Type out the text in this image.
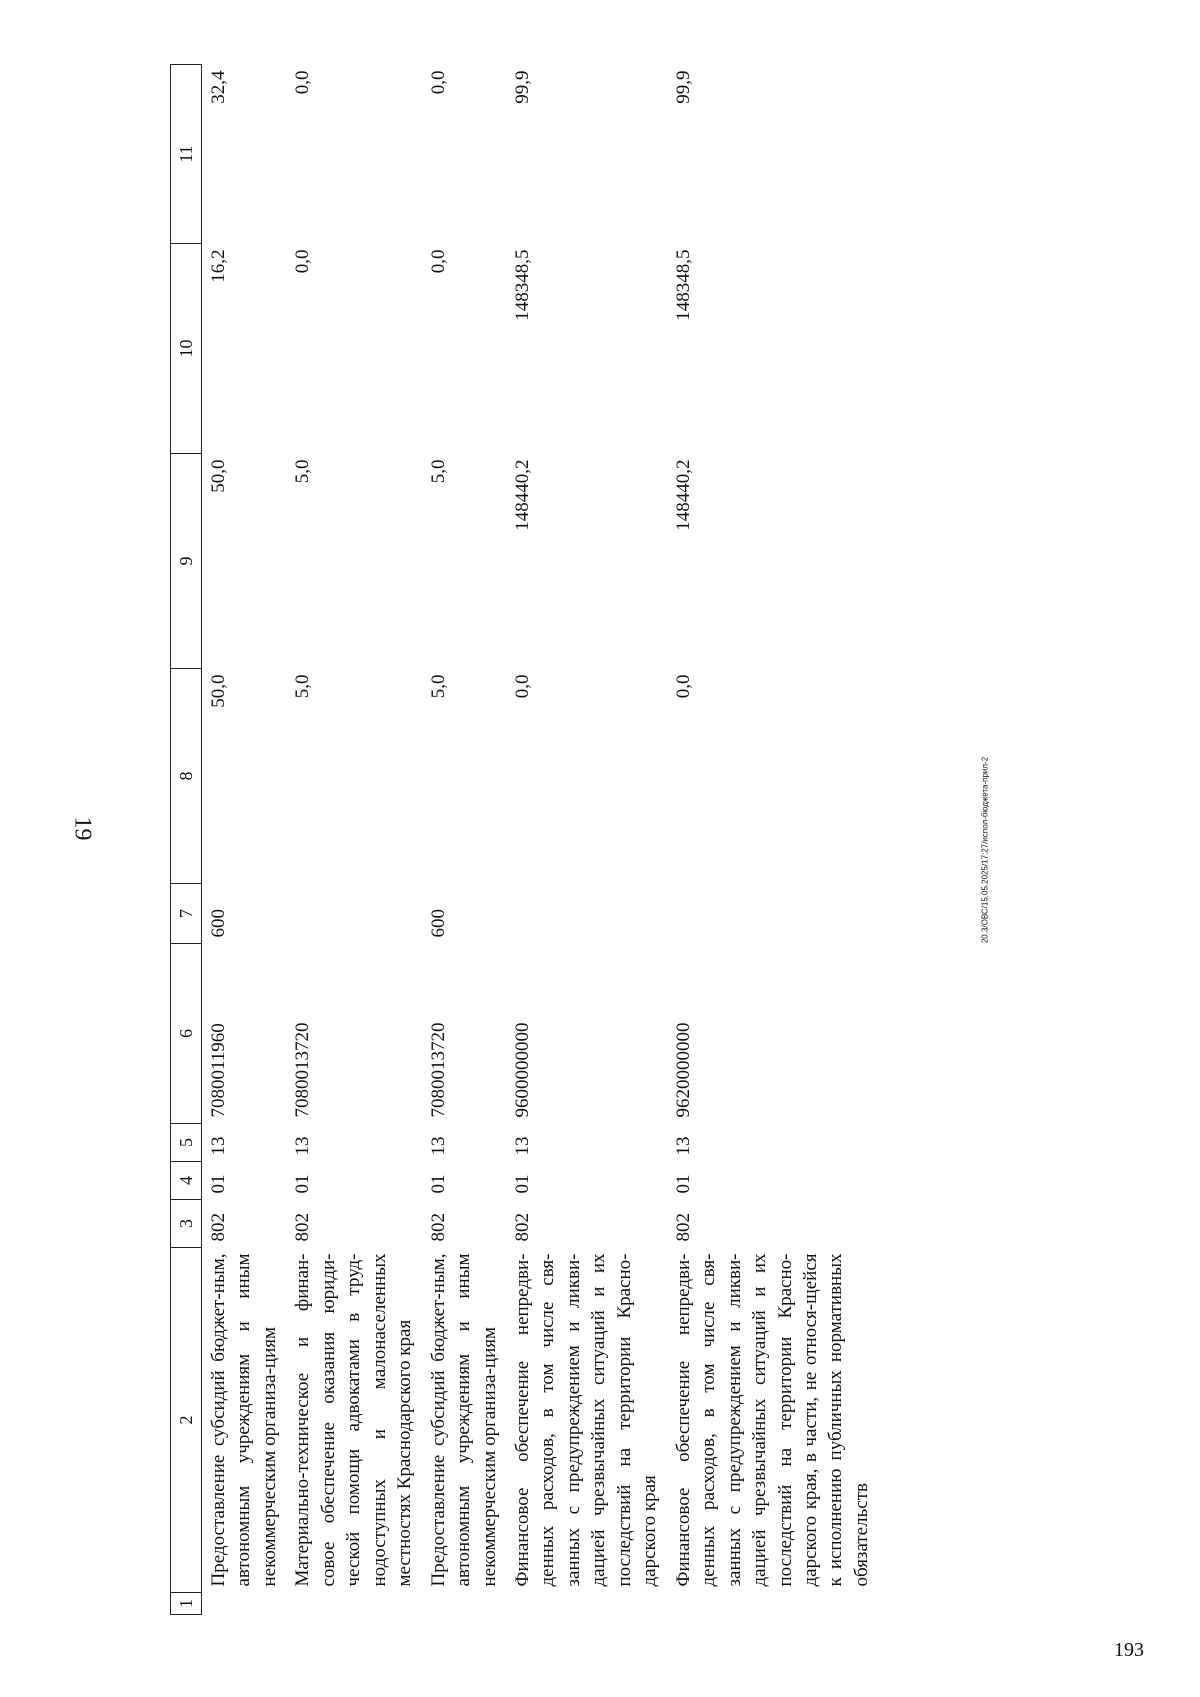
19	20.3/ОВС/15.05.2025/17:27/испол-бюджета-прил-2
193
1	2	3	4	5	6	7	8	9	10	11
	Предоставление субсидий бюджет-ным, автономным учреждениям и иным некоммерческим организа-циям	802	01	13	7080011960	600	50,0	50,0	16,2	32,4
	Материально-техническое и финан-совое обеспечение оказания юриди-ческой помощи адвокатами в труд-нодоступных и малонаселенных местностях Краснодарского края	802	01	13	7080013720		5,0	5,0	0,0	0,0
	Предоставление субсидий бюджет-ным, автономным учреждениям и иным некоммерческим организа-циям	802	01	13	7080013720	600	5,0	5,0	0,0	0,0
	Финансовое обеспечение непредви-денных расходов, в том числе свя-занных с предупреждением и ликви-дацией чрезвычайных ситуаций и их последствий на территории Красно-дарского края	802	01	13	9600000000		0,0	148440,2	148348,5	99,9
	Финансовое обеспечение непредви-денных расходов, в том числе свя-занных с предупреждением и ликви-дацией чрезвычайных ситуаций и их последствий на территории Красно-дарского края, в части, не относя-щейся к исполнению публичных нормативных обязательств	802	01	13	9620000000		0,0	148440,2	148348,5	99,9
